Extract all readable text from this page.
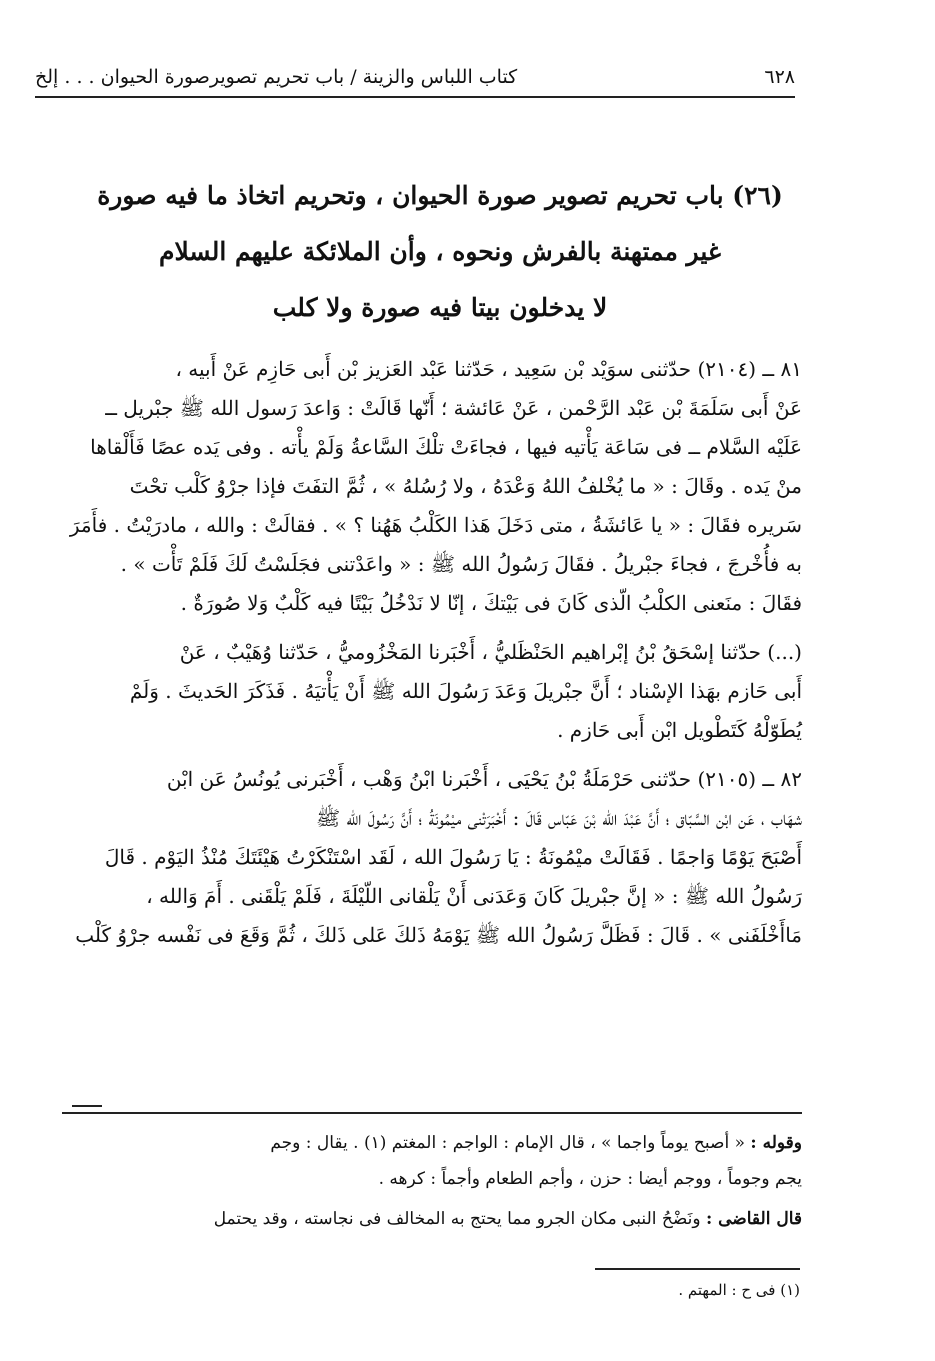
٦٢٨
كتاب اللباس والزينة / باب تحريم تصويرصورة الحيوان . . . إلخ
(٢٦) باب تحريم تصوير صورة الحيوان ، وتحريم اتخاذ ما فيه صورة
غير ممتهنة بالفرش ونحوه ، وأن الملائكة عليهم السلام
لا يدخلون بيتا فيه صورة ولا كلب
٨١ ــ (٢١٠٤) حدّثنى سوَيْد بْن سَعِيد ، حَدّثنا عَبْد العَزيز بْن أَبى حَازِم عَنْ أَبيه ،
عَنْ أَبى سَلَمَةَ بْن عَبْد الرَّحْمن ، عَنْ عَائشة ؛ أَنّها قَالَتْ : وَاعدَ رَسول الله ﷺ جبْريل ــ
عَلَيْه السَّلام ــ فى سَاعَة يَأْتيه فيها ، فجاءَتْ تلْكَ السَّاعةُ وَلَمْ يأْته . وفى يَده عصًا فَأَلْقاها
منْ يَده . وقَالَ : « ما يُخْلفُ اللهُ وَعْدَهُ ، ولا رُسُلهُ » ، ثُمَّ التفَتَ فإذا جرْوُ كَلْب تحْتَ
سَريره فقَالَ : « يا عَائشَةُ ، متى دَخَلَ هَذا الكَلْبُ هَهُنا ؟ » . فقالَتْ : والله ، مادرَيْتُ . فأَمَرَ
به فأُخْرجَ ، فجاءَ جبْريلُ . فقَالَ رَسُولُ الله ﷺ : « واعَدْتنى فجَلَسْتُ لَكَ فَلَمْ تَأْت » .
فقَالَ : منَعنى الكلْبُ الّذى كَانَ فى بَيْتكَ ، إنّا لا نَدْخُلُ بَيْتًا فيه كَلْبٌ وَلا صُورَةٌ .
(...) حدّثنا إسْحَقُ بْنُ إبْراهيم الحَنْظَليُّ ، أَخْبَرنا المَخْزُوميُّ ، حَدّثنا وُهَيْبٌ ، عَنْ
أَبى حَازم بهَذا الإسْناد ؛ أَنَّ جبْريلَ وَعَدَ رَسُولَ الله ﷺ أَنْ يَأْتيَهُ . فَذَكَرَ الحَديثَ . وَلَمْ
يُطَوّلْهُ كَتَطْويل ابْن أَبى حَازم .
٨٢ ــ (٢١٠٥) حدّثنى حَرْمَلَةُ بْنُ يَحْيَى ، أَخْبَرنا ابْنُ وَهْب ، أَخْبَرنى يُونُسُ عَن ابْن
شهَاب ، عَن ابْن السَّبّاق ؛ أَنَّ عَبْدَ الله بْنَ عَبّاس قَالَ : أَخْبَرَتْنى ميْمُونَةُ ؛ أَنَّ رَسُولَ الله ﷺ
أَصْبَحَ يَوْمًا وَاجمًا . فَقَالَتْ ميْمُونَةُ : يَا رَسُولَ الله ، لَقَد اسْتَنْكَرْتُ هَيْئَتَكَ مُنْذُ اليَوْم . قَالَ
رَسُولُ الله ﷺ : « إنَّ جبْريلَ كَانَ وَعَدَنى أَنْ يَلْقانى اللّيْلَةَ ، فَلَمْ يَلْقَنى . أَمَ وَالله ،
مَاأَخْلَفَنى » . قَالَ : فَظَلَّ رَسُولُ الله ﷺ يَوْمَهُ ذَلكَ عَلى ذَلكَ ، ثُمَّ وَقَعَ فى نَفْسه جرْوُ كَلْب
وقوله : « أصبح يوماً واجما » ، قال الإمام : الواجم : المغتم (١) . يقال : وجم
يجم وجوماً ، ووجم أيضا : حزن ، وأجم الطعام وأجماً : كرهه .
قال القاضى : ونَضْحُ النبى مكان الجرو مما يحتج به المخالف فى نجاسته ، وقد يحتمل
(١) فى ح : المهتم .
